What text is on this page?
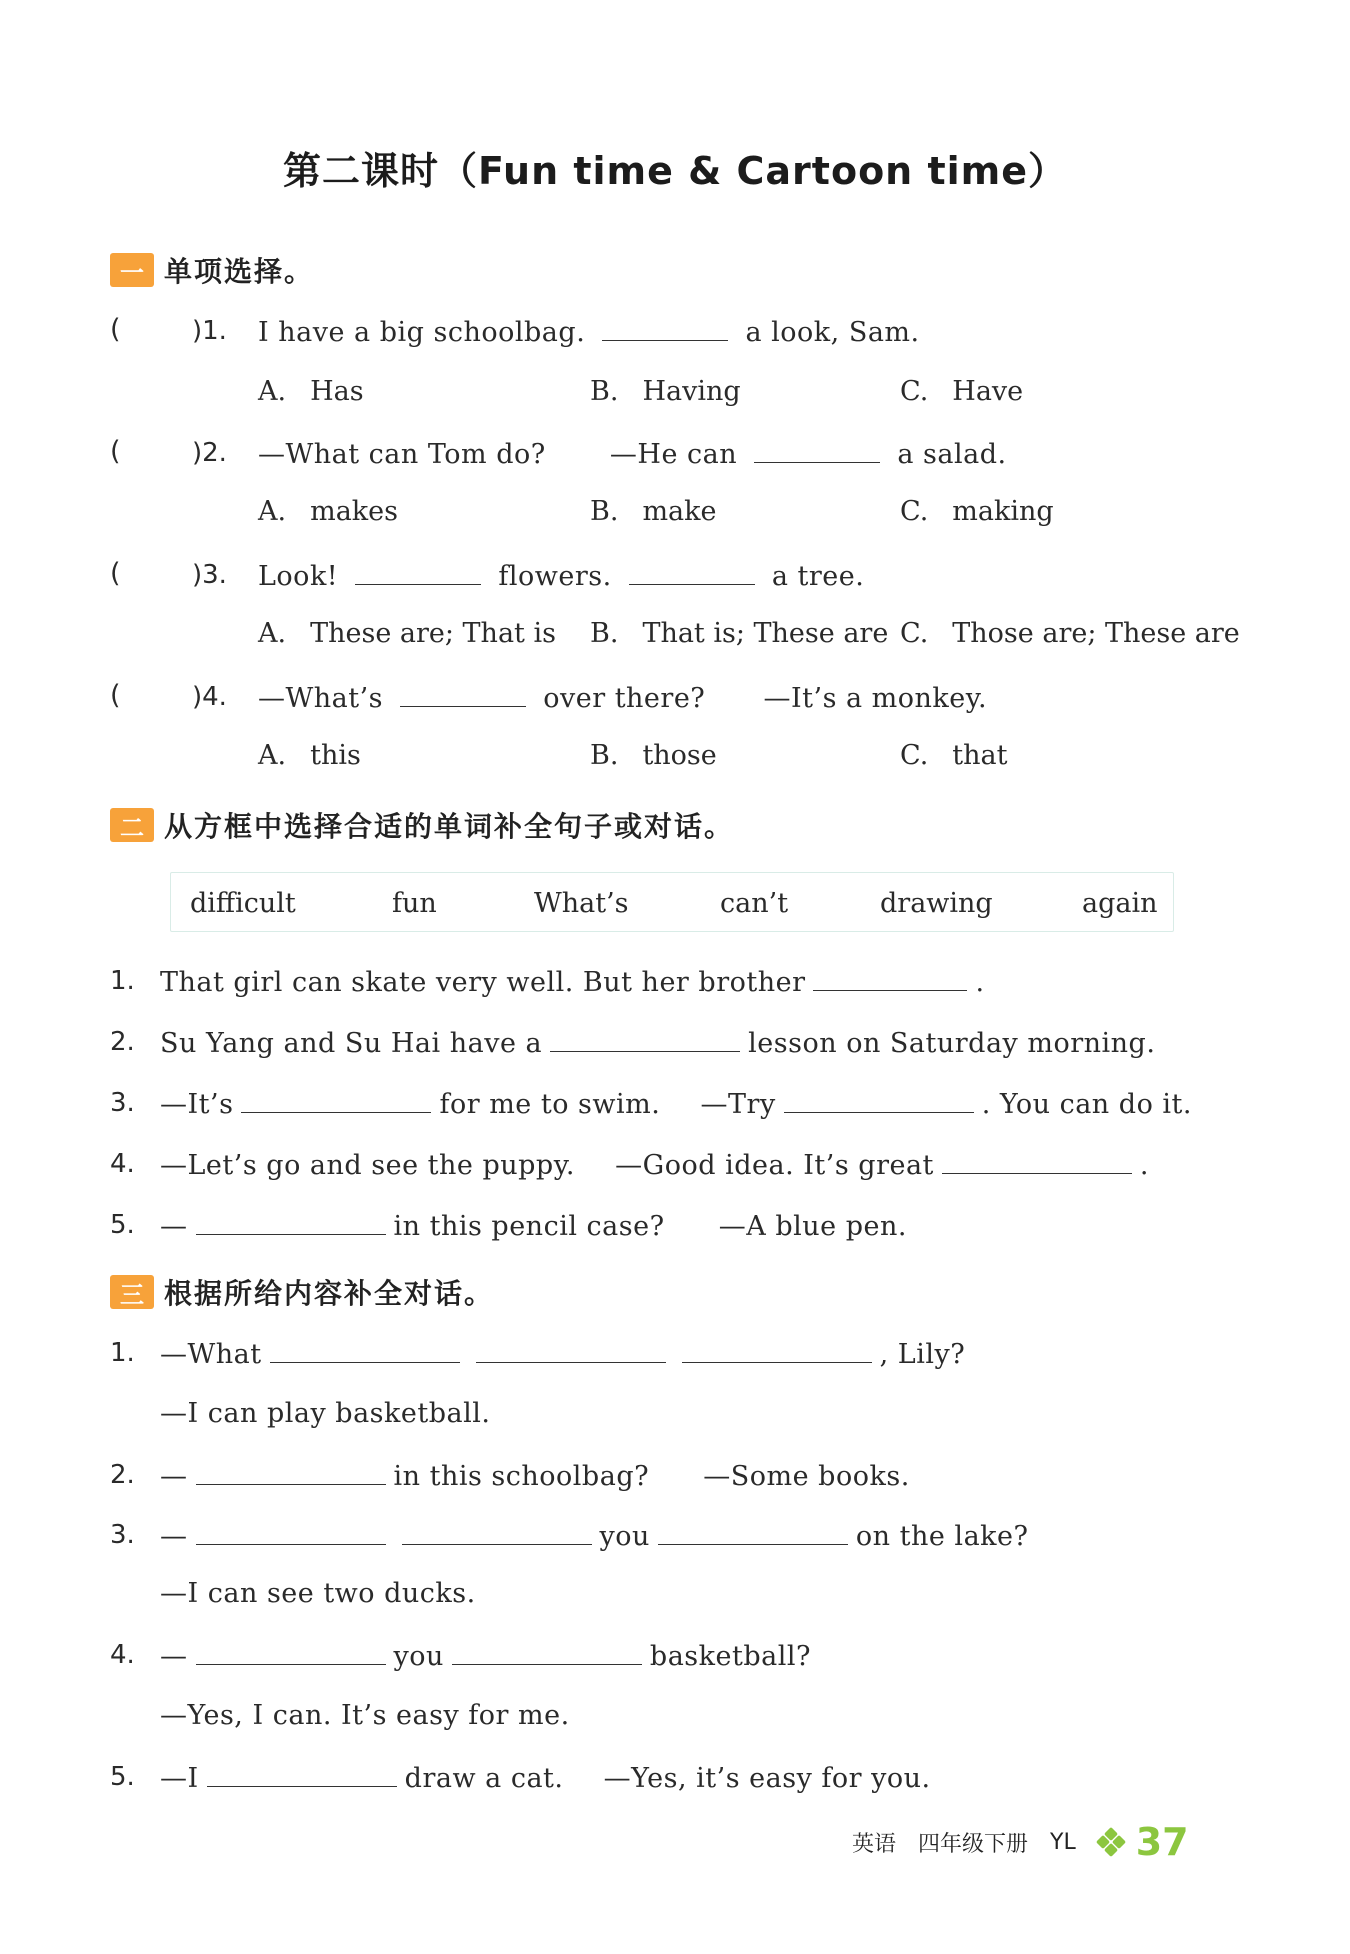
第二课时（Fun time & Cartoon time）
一 单项选择。
(	)1. I have a big schoolbag.	a look, Sam.
A. Has	B. Having	C. Have
(	)2. —What can Tom do? —He can	a salad.
A. makes	B. make	C. making
(	)3. Look!	flowers.	a tree.
A. These are; That is B. That is; These are C. Those are; These are
(	)4. —What’s	over there? —It’s a monkey.
A. this	B. those	C. that
二 从方框中选择合适的单词补全句子或对话。
difficult	fun	What’s	can’t	drawing	again
1. That girl can skate very well. But her brother	.
2. Su Yang and Su Hai have a	lesson on Saturday morning.
3. —It’s	for me to swim. —Try	. You can do it.
4. —Let’s go and see the puppy. —Good idea. It’s great	.
5. —	in this pencil case? —A blue pen.
三 根据所给内容补全对话。
1. —What	, Lily?
—I can play basketball.
2. —	in this schoolbag? —Some books.
3. —	you	on the lake?
—I can see two ducks.
4. —	you	basketball?
—Yes, I can. It’s easy for me.
5. —I	draw a cat. —Yes, it’s easy for you.
英语 四年级下册 YL 37
